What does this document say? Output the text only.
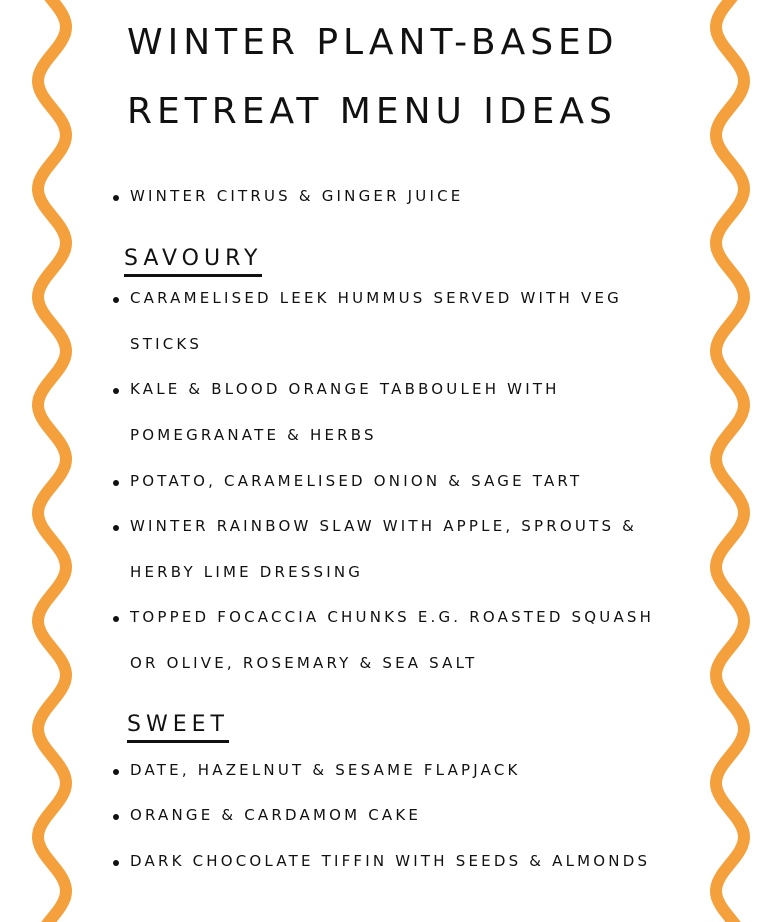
WINTER PLANT-BASED
RETREAT MENU IDEAS
WINTER CITRUS & GINGER JUICE
SAVOURY
CARAMELISED LEEK HUMMUS SERVED WITH VEG
STICKS
KALE & BLOOD ORANGE TABBOULEH WITH
POMEGRANATE & HERBS
POTATO, CARAMELISED ONION & SAGE TART
WINTER RAINBOW SLAW WITH APPLE, SPROUTS &
HERBY LIME DRESSING
TOPPED FOCACCIA CHUNKS E.G. ROASTED SQUASH
OR OLIVE, ROSEMARY & SEA SALT
SWEET
DATE, HAZELNUT & SESAME FLAPJACK
ORANGE & CARDAMOM CAKE
DARK CHOCOLATE TIFFIN WITH SEEDS & ALMONDS
